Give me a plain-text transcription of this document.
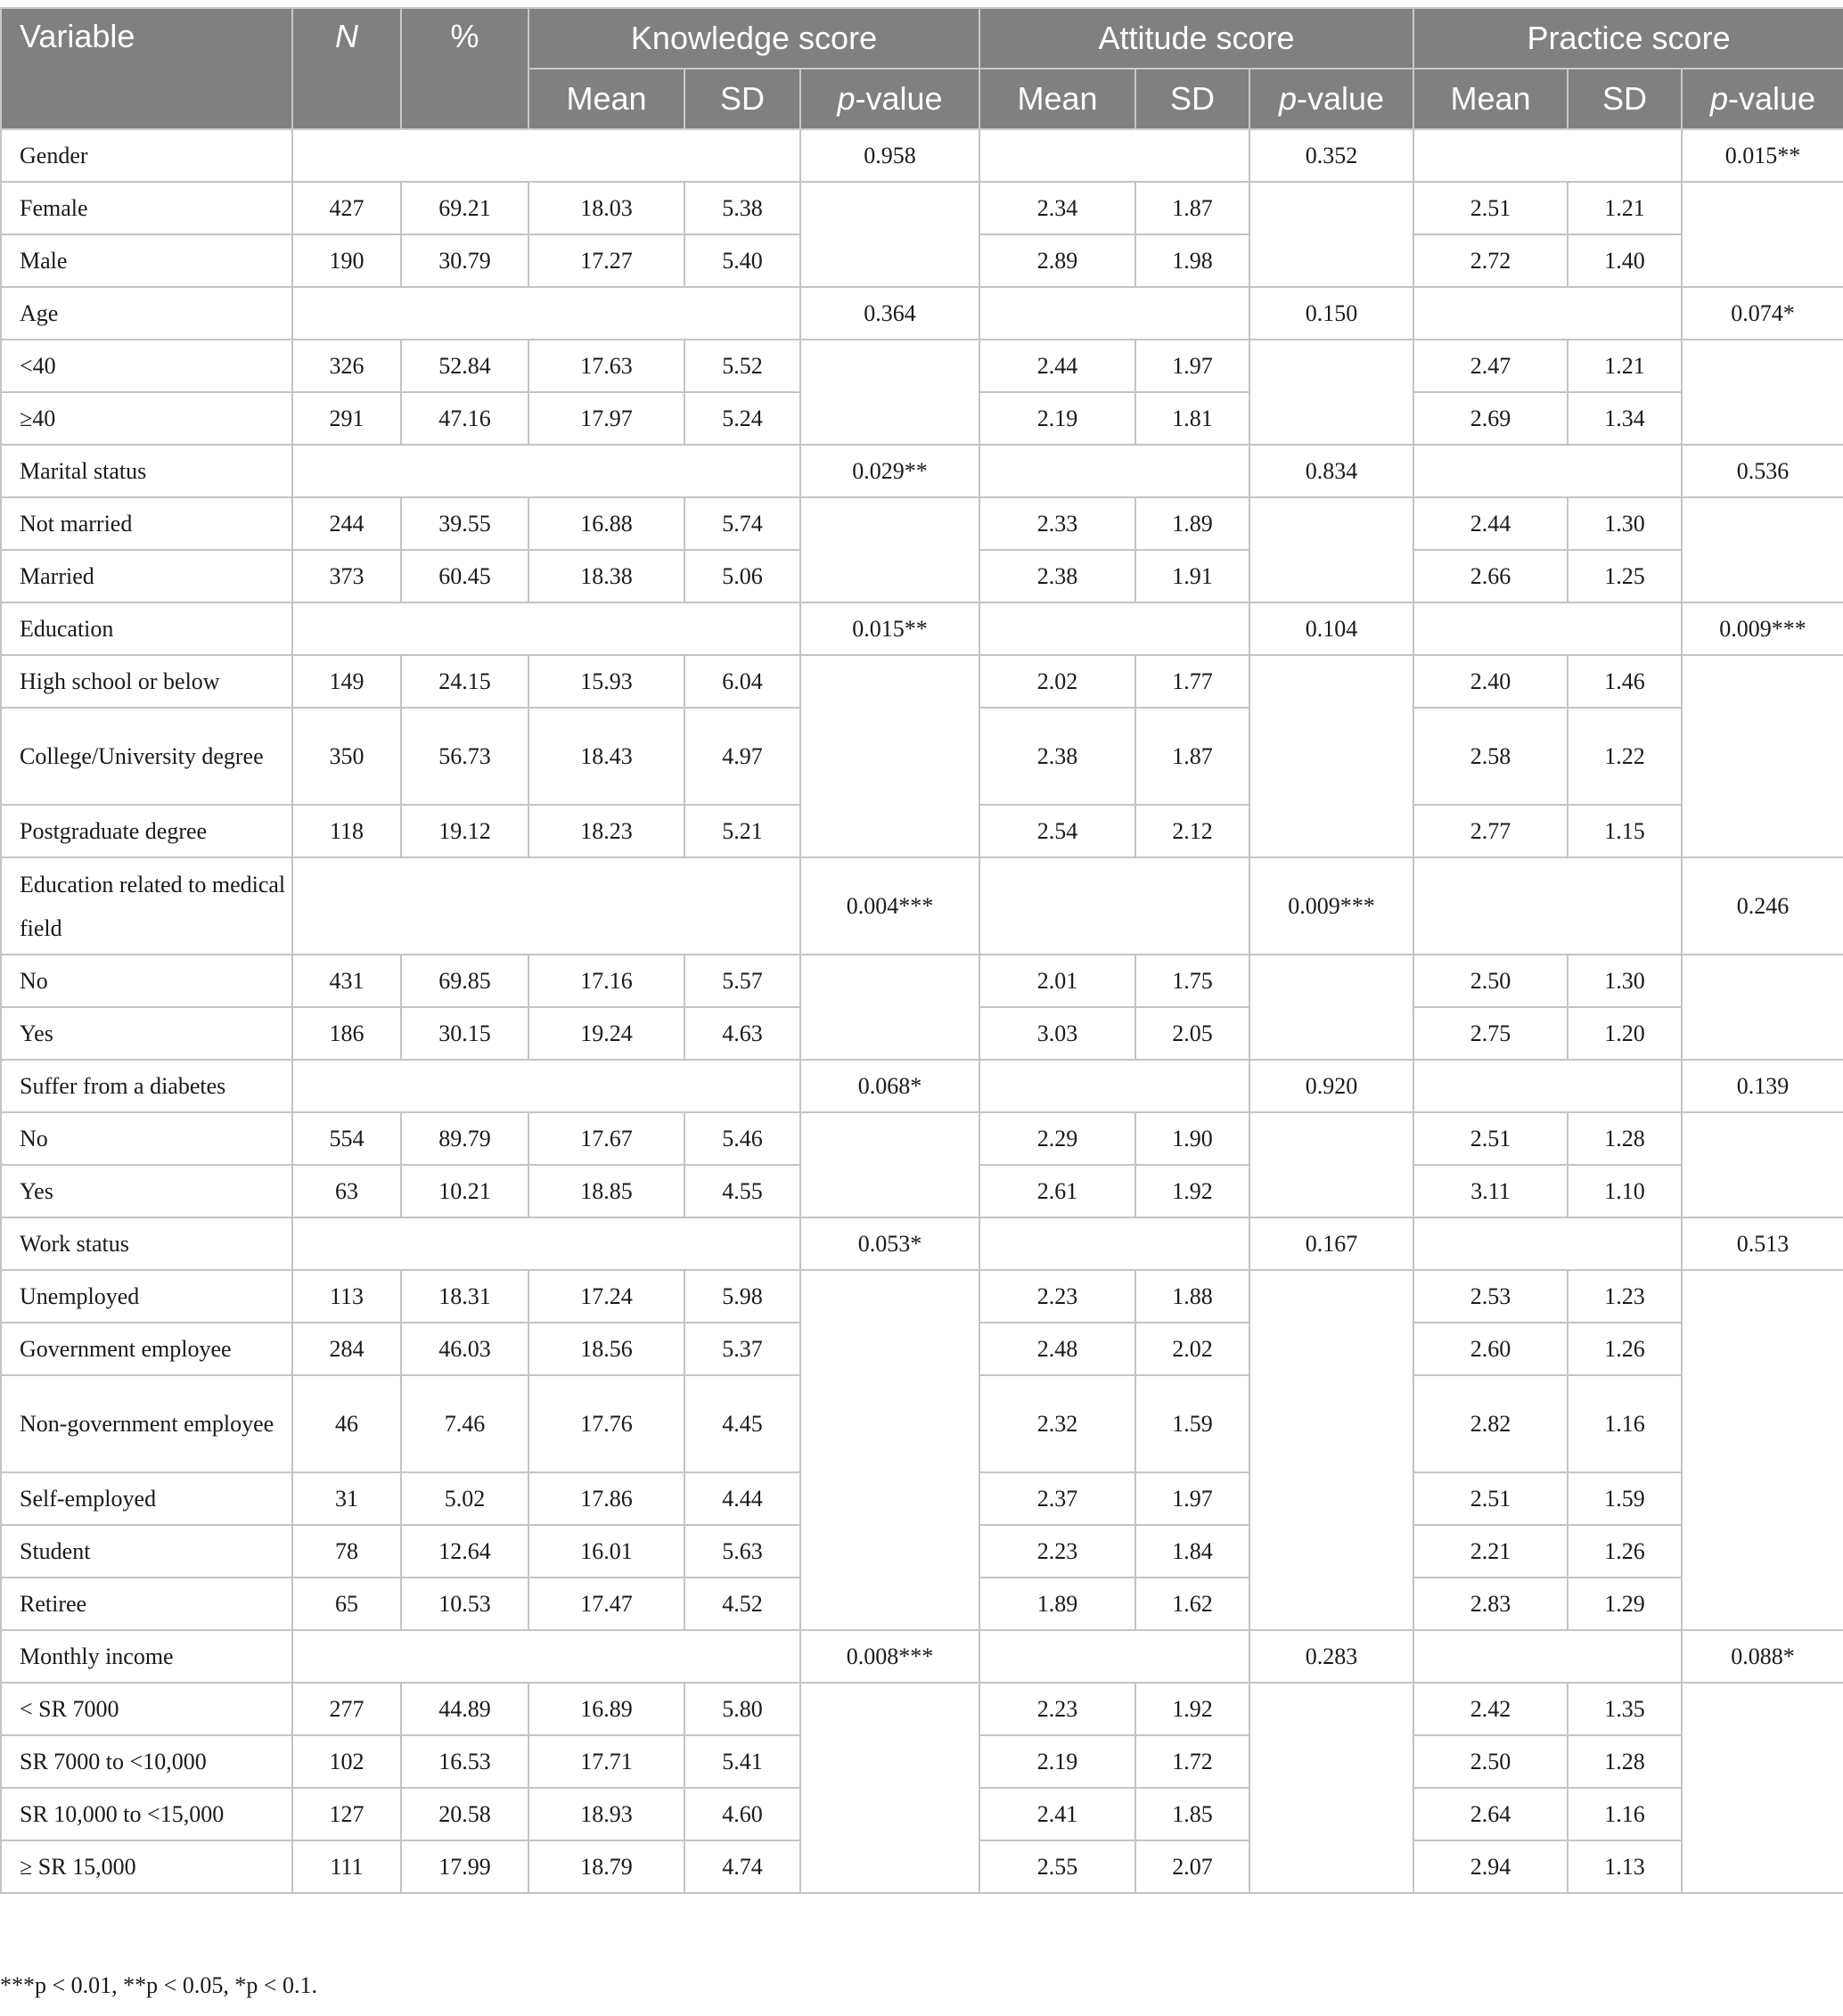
Variable	N	%	Knowledge score			Attitude score			Practice score		
			Mean	SD	p-value	Mean	SD	p-value	Mean	SD	p-value
Gender					0.958			0.352			0.015**
Female	427	69.21	18.03	5.38		2.34	1.87		2.51	1.21	
Male	190	30.79	17.27	5.40		2.89	1.98		2.72	1.40	
Age					0.364			0.150			0.074*
<40	326	52.84	17.63	5.52		2.44	1.97		2.47	1.21	
≥40	291	47.16	17.97	5.24		2.19	1.81		2.69	1.34	
Marital status					0.029**			0.834			0.536
Not married	244	39.55	16.88	5.74		2.33	1.89		2.44	1.30	
Married	373	60.45	18.38	5.06		2.38	1.91		2.66	1.25	
Education					0.015**			0.104			0.009***
High school or below	149	24.15	15.93	6.04		2.02	1.77		2.40	1.46	
College/University degree	350	56.73	18.43	4.97		2.38	1.87		2.58	1.22	
Postgraduate degree	118	19.12	18.23	5.21		2.54	2.12		2.77	1.15	
Education related to medical field					0.004***			0.009***			0.246
No	431	69.85	17.16	5.57		2.01	1.75		2.50	1.30	
Yes	186	30.15	19.24	4.63		3.03	2.05		2.75	1.20	
Suffer from a diabetes					0.068*			0.920			0.139
No	554	89.79	17.67	5.46		2.29	1.90		2.51	1.28	
Yes	63	10.21	18.85	4.55		2.61	1.92		3.11	1.10	
Work status					0.053*			0.167			0.513
Unemployed	113	18.31	17.24	5.98		2.23	1.88		2.53	1.23	
Government employee	284	46.03	18.56	5.37		2.48	2.02		2.60	1.26	
Non-government employee	46	7.46	17.76	4.45		2.32	1.59		2.82	1.16	
Self-employed	31	5.02	17.86	4.44		2.37	1.97		2.51	1.59	
Student	78	12.64	16.01	5.63		2.23	1.84		2.21	1.26	
Retiree	65	10.53	17.47	4.52		1.89	1.62		2.83	1.29	
Monthly income					0.008***			0.283			0.088*
< SR 7000	277	44.89	16.89	5.80		2.23	1.92		2.42	1.35	
SR 7000 to <10,000	102	16.53	17.71	5.41		2.19	1.72		2.50	1.28	
SR 10,000 to <15,000	127	20.58	18.93	4.60		2.41	1.85		2.64	1.16	
≥ SR 15,000	111	17.99	18.79	4.74		2.55	2.07		2.94	1.13	
***p < 0.01, **p < 0.05, *p < 0.1.
